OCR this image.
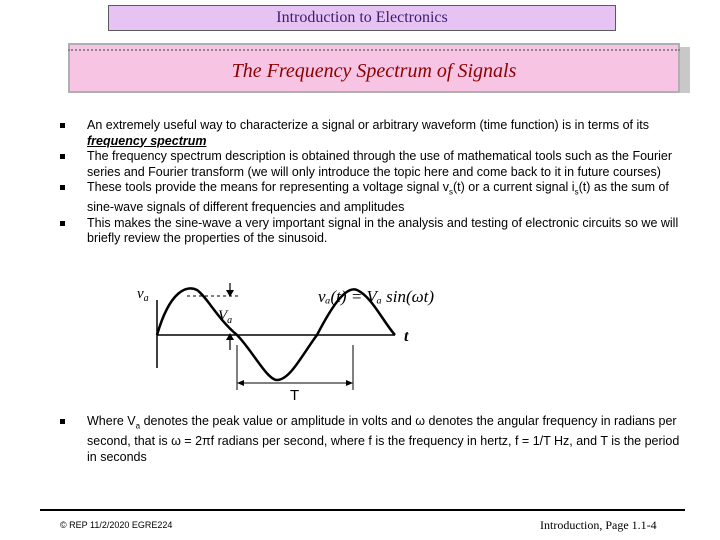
Introduction to Electronics
The Frequency Spectrum of Signals
An extremely useful way to characterize a signal or arbitrary waveform (time function) is in terms of its frequency spectrum
The frequency spectrum description is obtained through the use of mathematical tools such as the Fourier series and Fourier transform (we will only introduce the topic here and come back to it in future courses)
These tools provide the means for representing a voltage signal $v_s(t)$ or a current signal $i_s(t)$ as the sum of sine-wave signals of different frequencies and amplitudes
This makes the sine-wave a very important signal in the analysis and testing of electronic circuits so we will briefly review the properties of the sinusoid.
$v_a$
$V_a$
vₐ(t) = Vₐ sin(ωt)
t
T
Where $V_a$ denotes the peak value or amplitude in volts and ω denotes the angular frequency in radians per second, that is ω = 2πf radians per second, where f is the frequency in hertz, f = 1/T Hz, and T is the period in seconds
© REP 11/2/2020 EGRE224	Introduction, Page 1.1-4
